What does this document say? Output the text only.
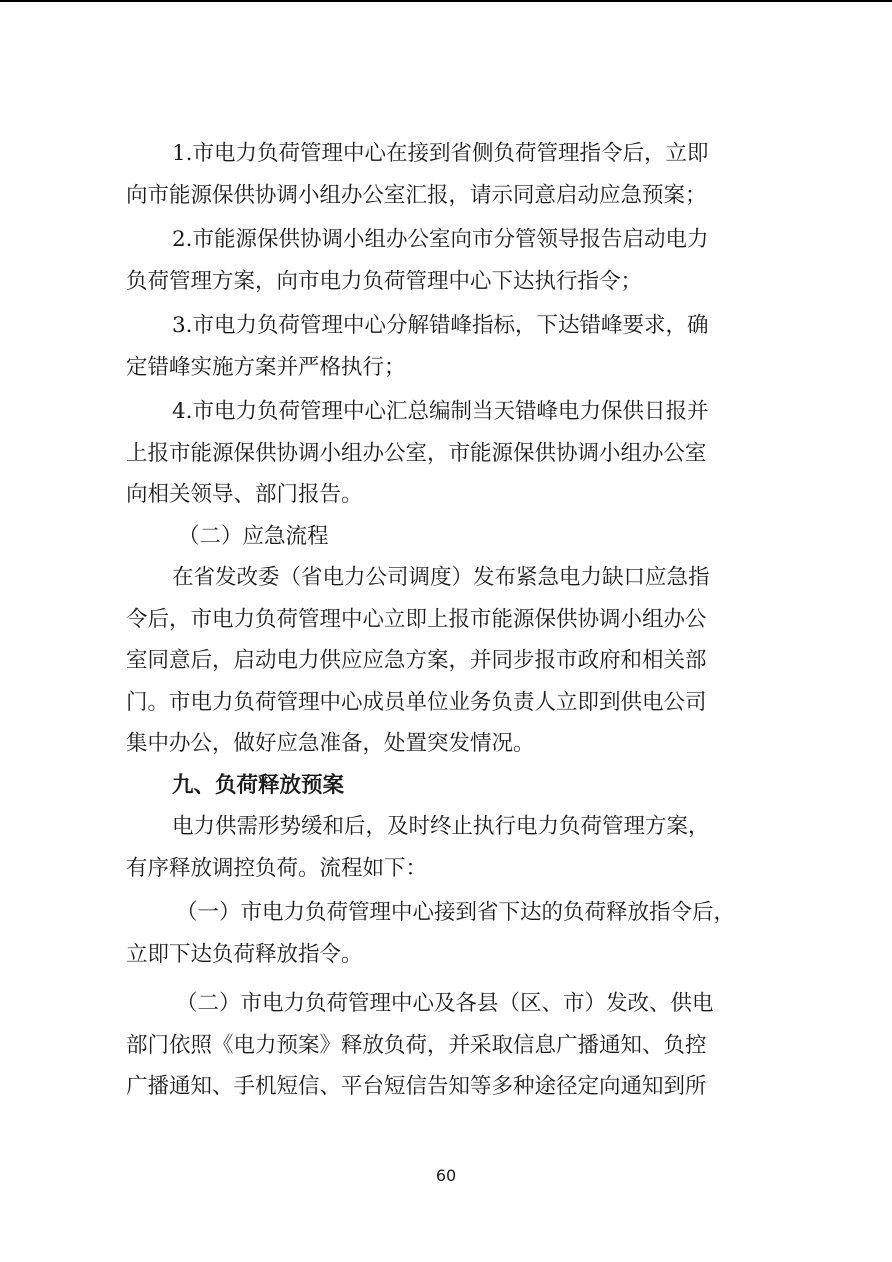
1.市电力负荷管理中心在接到省侧负荷管理指令后，立即
向市能源保供协调小组办公室汇报，请示同意启动应急预案；
2.市能源保供协调小组办公室向市分管领导报告启动电力
负荷管理方案，向市电力负荷管理中心下达执行指令；
3.市电力负荷管理中心分解错峰指标，下达错峰要求，确
定错峰实施方案并严格执行；
4.市电力负荷管理中心汇总编制当天错峰电力保供日报并
上报市能源保供协调小组办公室，市能源保供协调小组办公室
向相关领导、部门报告。
（二）应急流程
在省发改委（省电力公司调度）发布紧急电力缺口应急指
令后，市电力负荷管理中心立即上报市能源保供协调小组办公
室同意后，启动电力供应应急方案，并同步报市政府和相关部
门。市电力负荷管理中心成员单位业务负责人立即到供电公司
集中办公，做好应急准备，处置突发情况。
九、负荷释放预案
电力供需形势缓和后，及时终止执行电力负荷管理方案，
有序释放调控负荷。流程如下：
（一）市电力负荷管理中心接到省下达的负荷释放指令后，
立即下达负荷释放指令。
（二）市电力负荷管理中心及各县（区、市）发改、供电
部门依照《电力预案》释放负荷，并采取信息广播通知、负控
广播通知、手机短信、平台短信告知等多种途径定向通知到所
60
